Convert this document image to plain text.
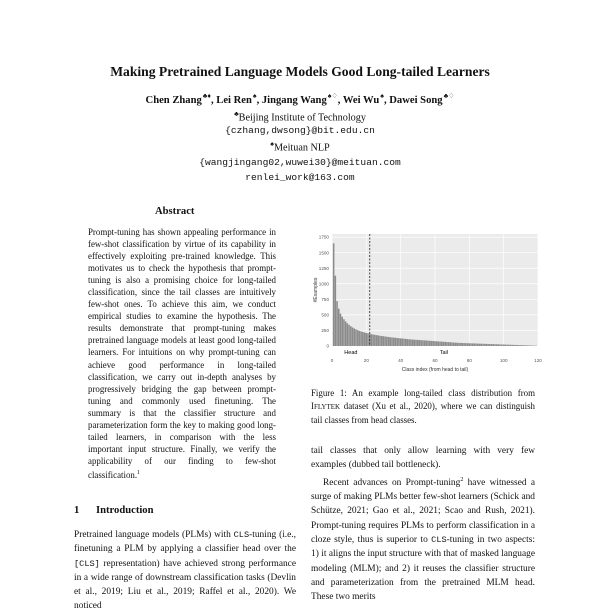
Making Pretrained Language Models Good Long-tailed Learners
Chen Zhang♣♦, Lei Ren♠, Jingang Wang♠♢, Wei Wu♠, Dawei Song♣♢
♣Beijing Institute of Technology
{czhang,dwsong}@bit.edu.cn
♠Meituan NLP
{wangjingang02,wuwei30}@meituan.com
renlei_work@163.com
Abstract
Prompt-tuning has shown appealing performance in few-shot classification by virtue of its capability in effectively exploiting pre-trained knowledge. This motivates us to check the hypothesis that prompt-tuning is also a promising choice for long-tailed classification, since the tail classes are intuitively few-shot ones. To achieve this aim, we conduct empirical studies to examine the hypothesis. The results demonstrate that prompt-tuning makes pretrained language models at least good long-tailed learners. For intuitions on why prompt-tuning can achieve good performance in long-tailed classification, we carry out in-depth analyses by progressively bridging the gap between prompt-tuning and commonly used finetuning. The summary is that the classifier structure and parameterization form the key to making good long-tailed learners, in comparison with the less important input structure. Finally, we verify the applicability of our finding to few-shot classification.$^1$
1 Introduction
Pretrained language models (PLMs) with CLS-tuning (i.e., finetuning a PLM by applying a classifier head over the [CLS] representation) have achieved strong performance in a wide range of downstream classification tasks (Devlin et al., 2019; Liu et al., 2019; Raffel et al., 2020). We noticed
0
250
500
750
1000
1250
1500
1750
0	20	40	60	80	100	120
Head	Tail
Class index (from head to tail)
#Examples
Figure 1: An example long-tailed class distribution from IFLYTEK dataset (Xu et al., 2020), where we can distinguish tail classes from head classes.
tail classes that only allow learning with very few examples (dubbed tail bottleneck).
Recent advances on Prompt-tuning$^2$ have witnessed a surge of making PLMs better few-shot learners (Schick and Schütze, 2021; Gao et al., 2021; Scao and Rush, 2021). Prompt-tuning requires PLMs to perform classification in a cloze style, thus is superior to CLS-tuning in two aspects: 1) it aligns the input structure with that of masked language modeling (MLM); and 2) it reuses the classifier structure and parameterization from the pretrained MLM head. These two merits
